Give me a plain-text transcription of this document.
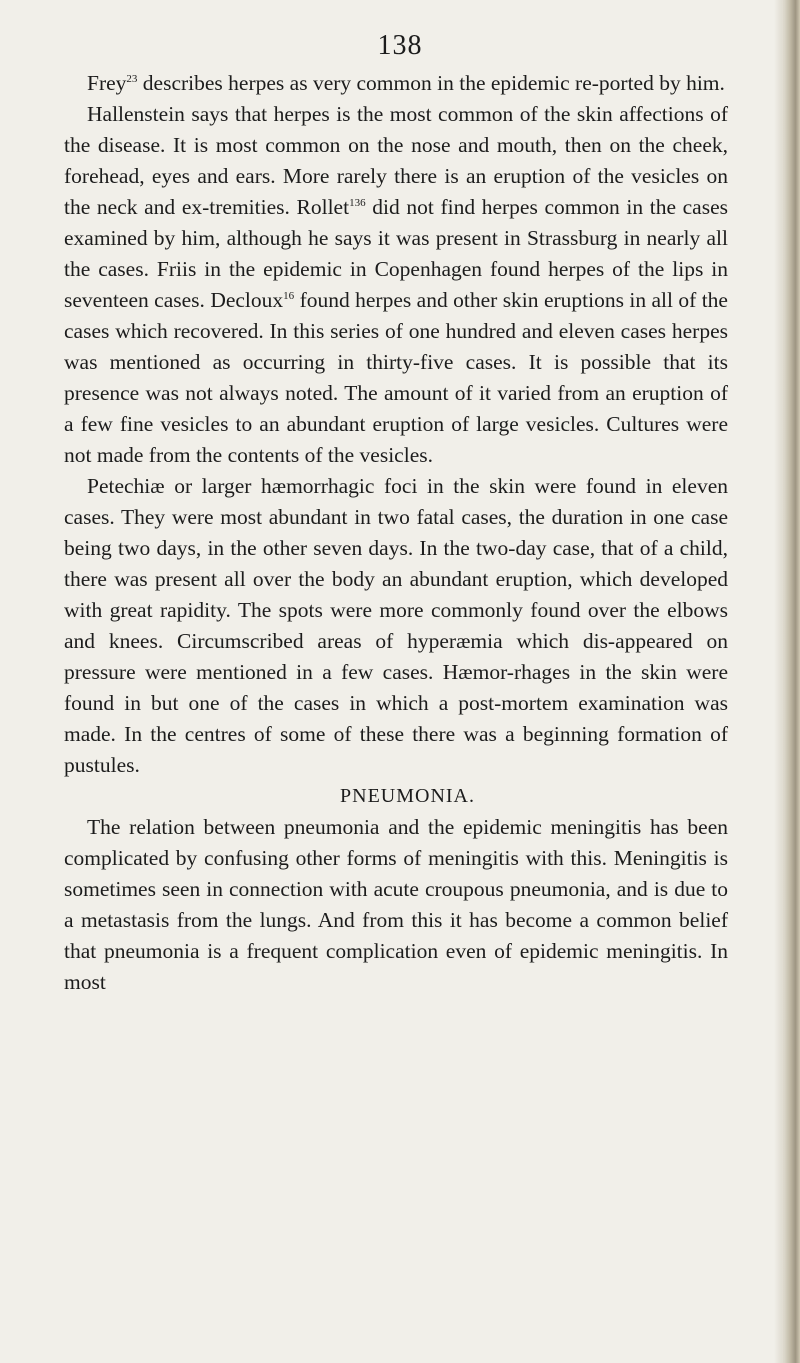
138

Frey$^{23}$ describes herpes as very common in the epidemic re-ported by him.

Hallenstein says that herpes is the most common of the skin affections of the disease. It is most common on the nose and mouth, then on the cheek, forehead, eyes and ears. More rarely there is an eruption of the vesicles on the neck and ex-tremities. Rollet$^{136}$ did not find herpes common in the cases examined by him, although he says it was present in Strassburg in nearly all the cases. Friis in the epidemic in Copenhagen found herpes of the lips in seventeen cases. Decloux$^{16}$ found herpes and other skin eruptions in all of the cases which recovered. In this series of one hundred and eleven cases herpes was mentioned as occurring in thirty-five cases. It is possible that its presence was not always noted. The amount of it varied from an eruption of a few fine vesicles to an abundant eruption of large vesicles. Cultures were not made from the contents of the vesicles.

Petechiæ or larger hæmorrhagic foci in the skin were found in eleven cases. They were most abundant in two fatal cases, the duration in one case being two days, in the other seven days. In the two-day case, that of a child, there was present all over the body an abundant eruption, which developed with great rapidity. The spots were more commonly found over the elbows and knees. Circumscribed areas of hyperæmia which dis-appeared on pressure were mentioned in a few cases. Hæmor-rhages in the skin were found in but one of the cases in which a post-mortem examination was made. In the centres of some of these there was a beginning formation of pustules.

PNEUMONIA.

The relation between pneumonia and the epidemic meningitis has been complicated by confusing other forms of meningitis with this. Meningitis is sometimes seen in connection with acute croupous pneumonia, and is due to a metastasis from the lungs. And from this it has become a common belief that pneumonia is a frequent complication even of epidemic meningitis. In most
